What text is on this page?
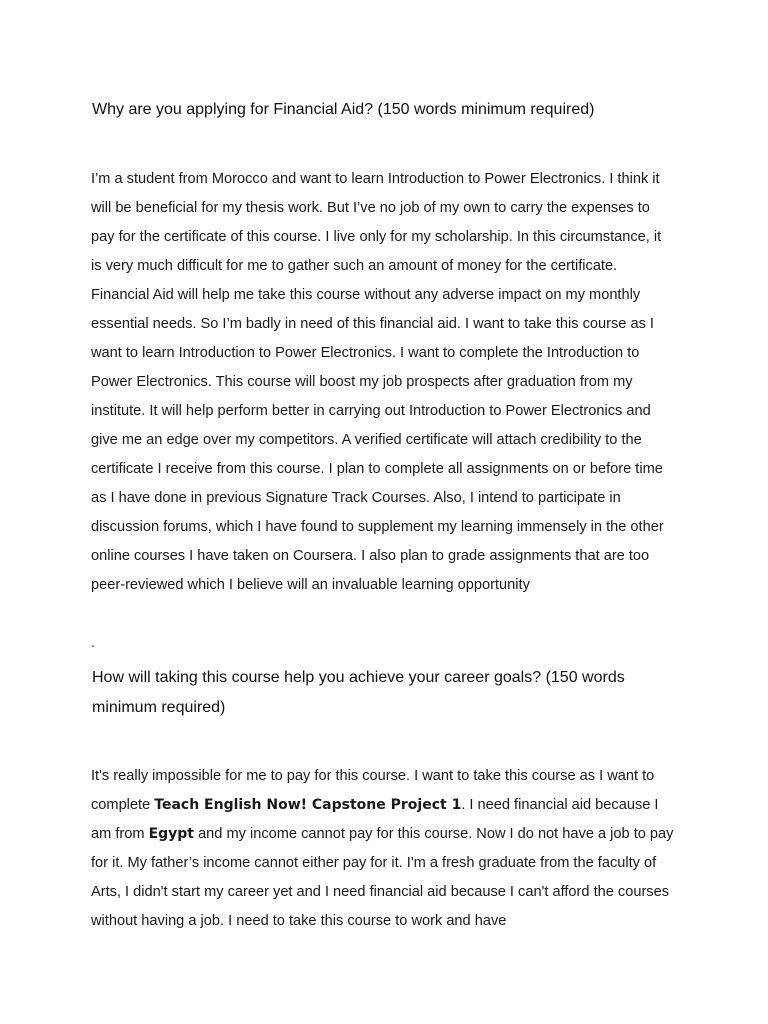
Why are you applying for Financial Aid? (150 words minimum required)

I’m a student from Morocco and want to learn Introduction to Power Electronics. I think it will be beneficial for my thesis work. But I’ve no job of my own to carry the expenses to pay for the certificate of this course. I live only for my scholarship. In this circumstance, it is very much difficult for me to gather such an amount of money for the certificate. Financial Aid will help me take this course without any adverse impact on my monthly essential needs. So I’m badly in need of this financial aid. I want to take this course as I want to learn Introduction to Power Electronics. I want to complete the Introduction to Power Electronics. This course will boost my job prospects after graduation from my institute. It will help perform better in carrying out Introduction to Power Electronics and give me an edge over my competitors. A verified certificate will attach credibility to the certificate I receive from this course. I plan to complete all assignments on or before time as I have done in previous Signature Track Courses. Also, I intend to participate in discussion forums, which I have found to supplement my learning immensely in the other online courses I have taken on Coursera. I also plan to grade assignments that are too peer-reviewed which I believe will an invaluable learning opportunity

.
How will taking this course help you achieve your career goals? (150 words minimum required)

It's really impossible for me to pay for this course. I want to take this course as I want to complete Teach English Now! Capstone Project 1. I need financial aid because I am from Egypt and my income cannot pay for this course. Now I do not have a job to pay for it. My father’s income cannot either pay for it. I'm a fresh graduate from the faculty of Arts, I didn't start my career yet and I need financial aid because I can't afford the courses without having a job. I need to take this course to work and have
